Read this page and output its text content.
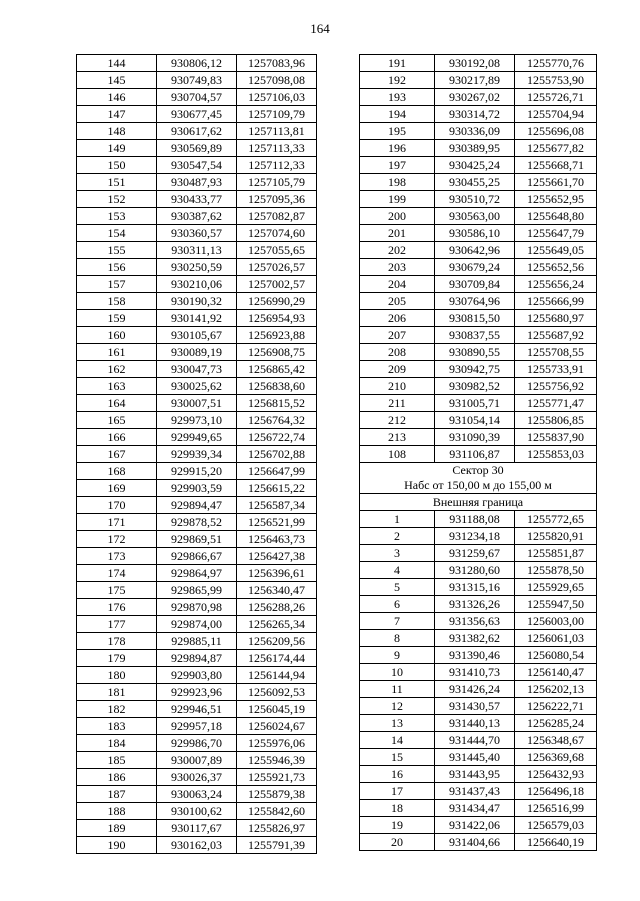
164
144	930806,12	1257083,96
145	930749,83	1257098,08
146	930704,57	1257106,03
147	930677,45	1257109,79
148	930617,62	1257113,81
149	930569,89	1257113,33
150	930547,54	1257112,33
151	930487,93	1257105,79
152	930433,77	1257095,36
153	930387,62	1257082,87
154	930360,57	1257074,60
155	930311,13	1257055,65
156	930250,59	1257026,57
157	930210,06	1257002,57
158	930190,32	1256990,29
159	930141,92	1256954,93
160	930105,67	1256923,88
161	930089,19	1256908,75
162	930047,73	1256865,42
163	930025,62	1256838,60
164	930007,51	1256815,52
165	929973,10	1256764,32
166	929949,65	1256722,74
167	929939,34	1256702,88
168	929915,20	1256647,99
169	929903,59	1256615,22
170	929894,47	1256587,34
171	929878,52	1256521,99
172	929869,51	1256463,73
173	929866,67	1256427,38
174	929864,97	1256396,61
175	929865,99	1256340,47
176	929870,98	1256288,26
177	929874,00	1256265,34
178	929885,11	1256209,56
179	929894,87	1256174,44
180	929903,80	1256144,94
181	929923,96	1256092,53
182	929946,51	1256045,19
183	929957,18	1256024,67
184	929986,70	1255976,06
185	930007,89	1255946,39
186	930026,37	1255921,73
187	930063,24	1255879,38
188	930100,62	1255842,60
189	930117,67	1255826,97
190	930162,03	1255791,39
191	930192,08	1255770,76
192	930217,89	1255753,90
193	930267,02	1255726,71
194	930314,72	1255704,94
195	930336,09	1255696,08
196	930389,95	1255677,82
197	930425,24	1255668,71
198	930455,25	1255661,70
199	930510,72	1255652,95
200	930563,00	1255648,80
201	930586,10	1255647,79
202	930642,96	1255649,05
203	930679,24	1255652,56
204	930709,84	1255656,24
205	930764,96	1255666,99
206	930815,50	1255680,97
207	930837,55	1255687,92
208	930890,55	1255708,55
209	930942,75	1255733,91
210	930982,52	1255756,92
211	931005,71	1255771,47
212	931054,14	1255806,85
213	931090,39	1255837,90
108	931106,87	1255853,03
Сектор 30
Набс от 150,00 м до 155,00 м		
Внешняя граница		
1	931188,08	1255772,65
2	931234,18	1255820,91
3	931259,67	1255851,87
4	931280,60	1255878,50
5	931315,16	1255929,65
6	931326,26	1255947,50
7	931356,63	1256003,00
8	931382,62	1256061,03
9	931390,46	1256080,54
10	931410,73	1256140,47
11	931426,24	1256202,13
12	931430,57	1256222,71
13	931440,13	1256285,24
14	931444,70	1256348,67
15	931445,40	1256369,68
16	931443,95	1256432,93
17	931437,43	1256496,18
18	931434,47	1256516,99
19	931422,06	1256579,03
20	931404,66	1256640,19
